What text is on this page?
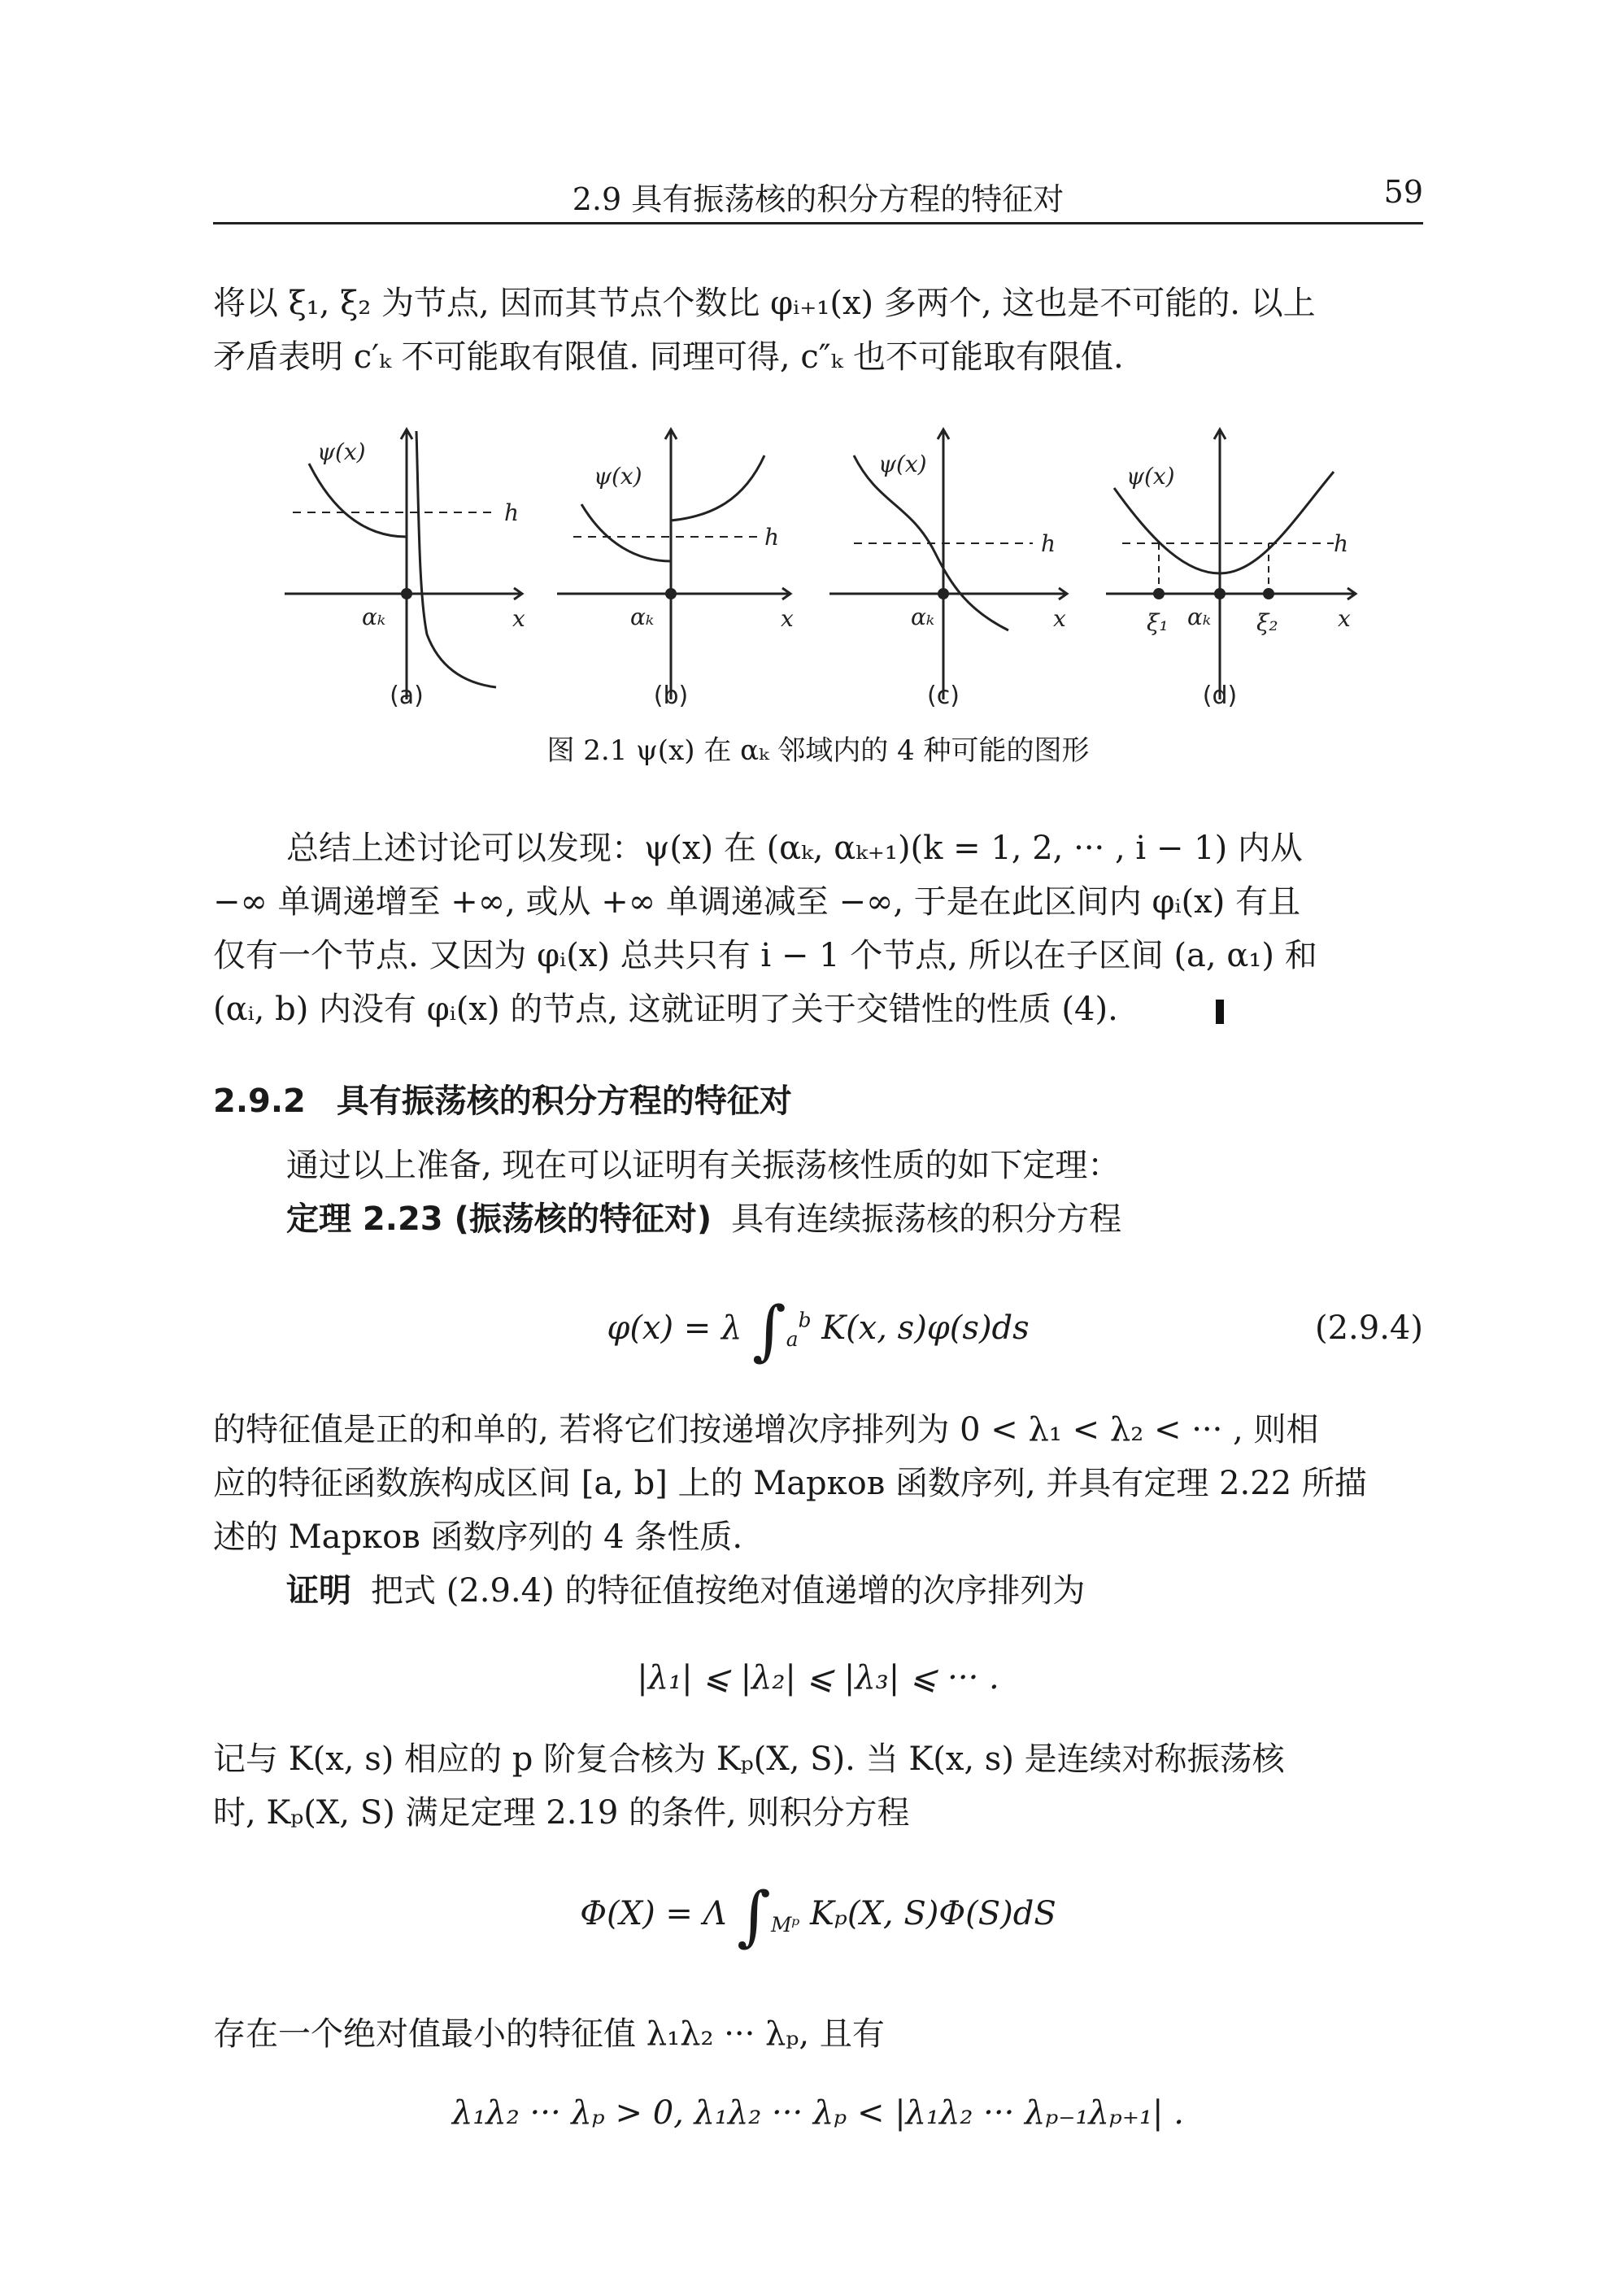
2.9 具有振荡核的积分方程的特征对	59

将以 ξ₁, ξ₂ 为节点, 因而其节点个数比 φᵢ₊₁(x) 多两个, 这也是不可能的. 以上

矛盾表明 c′ₖ 不可能取有限值. 同理可得, c″ₖ 也不可能取有限值.

ψ(x)
h
x
αₖ
ψ(x)
h
x
αₖ
ψ(x)
h
x
αₖ
ψ(x)
h
x
αₖ
ξ₁	ξ₂
(a)	(b)	(c)	(d)
图 2.1 ψ(x) 在 αₖ 邻域内的 4 种可能的图形

总结上述讨论可以发现：ψ(x) 在 (αₖ, αₖ₊₁)(k = 1, 2, ··· , i − 1) 内从

−∞ 单调递增至 +∞, 或从 +∞ 单调递减至 −∞, 于是在此区间内 φᵢ(x) 有且

仅有一个节点. 又因为 φᵢ(x) 总共只有 i − 1 个节点, 所以在子区间 (a, α₁) 和

(αᵢ, b) 内没有 φᵢ(x) 的节点, 这就证明了关于交错性的性质 (4).

2.9.2 具有振荡核的积分方程的特征对

通过以上准备, 现在可以证明有关振荡核性质的如下定理：

定理 2.23 (振荡核的特征对) 具有连续振荡核的积分方程

φ(x) = λ $\int_a^b$ K(x, s)φ(s)ds	(2.9.4)

的特征值是正的和单的, 若将它们按递增次序排列为 0 < λ₁ < λ₂ < ··· , 则相

应的特征函数族构成区间 [a, b] 上的 Марков 函数序列, 并具有定理 2.22 所描

述的 Марков 函数序列的 4 条性质.

证明 把式 (2.9.4) 的特征值按绝对值递增的次序排列为

|λ₁| ⩽ |λ₂| ⩽ |λ₃| ⩽ ··· .

记与 K(x, s) 相应的 p 阶复合核为 Kₚ(X, S). 当 K(x, s) 是连续对称振荡核

时, Kₚ(X, S) 满足定理 2.19 的条件, 则积分方程

Φ(X) = Λ $\int_{Mᵖ}$ Kₚ(X, S)Φ(S)dS

存在一个绝对值最小的特征值 λ₁λ₂ ··· λₚ, 且有

λ₁λ₂ ··· λₚ > 0, λ₁λ₂ ··· λₚ < |λ₁λ₂ ··· λₚ₋₁λₚ₊₁| .
